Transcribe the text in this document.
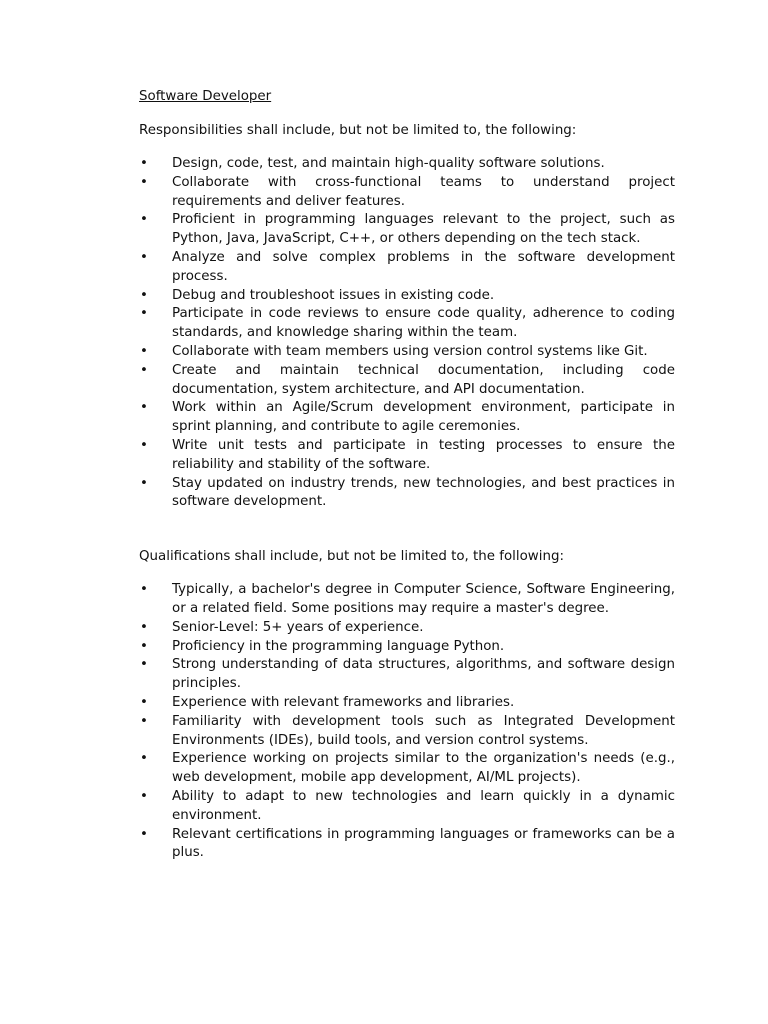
Software Developer

Responsibilities shall include, but not be limited to, the following:

• Design, code, test, and maintain high-quality software solutions.
• Collaborate with cross-functional teams to understand project requirements and deliver features.
• Proficient in programming languages relevant to the project, such as Python, Java, JavaScript, C++, or others depending on the tech stack.
• Analyze and solve complex problems in the software development process.
• Debug and troubleshoot issues in existing code.
• Participate in code reviews to ensure code quality, adherence to coding standards, and knowledge sharing within the team.
• Collaborate with team members using version control systems like Git.
• Create and maintain technical documentation, including code documentation, system architecture, and API documentation.
• Work within an Agile/Scrum development environment, participate in sprint planning, and contribute to agile ceremonies.
• Write unit tests and participate in testing processes to ensure the reliability and stability of the software.
• Stay updated on industry trends, new technologies, and best practices in software development.

Qualifications shall include, but not be limited to, the following:

• Typically, a bachelor's degree in Computer Science, Software Engineering, or a related field. Some positions may require a master's degree.
• Senior-Level: 5+ years of experience.
• Proficiency in the programming language Python.
• Strong understanding of data structures, algorithms, and software design principles.
• Experience with relevant frameworks and libraries.
• Familiarity with development tools such as Integrated Development Environments (IDEs), build tools, and version control systems.
• Experience working on projects similar to the organization's needs (e.g., web development, mobile app development, AI/ML projects).
• Ability to adapt to new technologies and learn quickly in a dynamic environment.
• Relevant certifications in programming languages or frameworks can be a plus.
